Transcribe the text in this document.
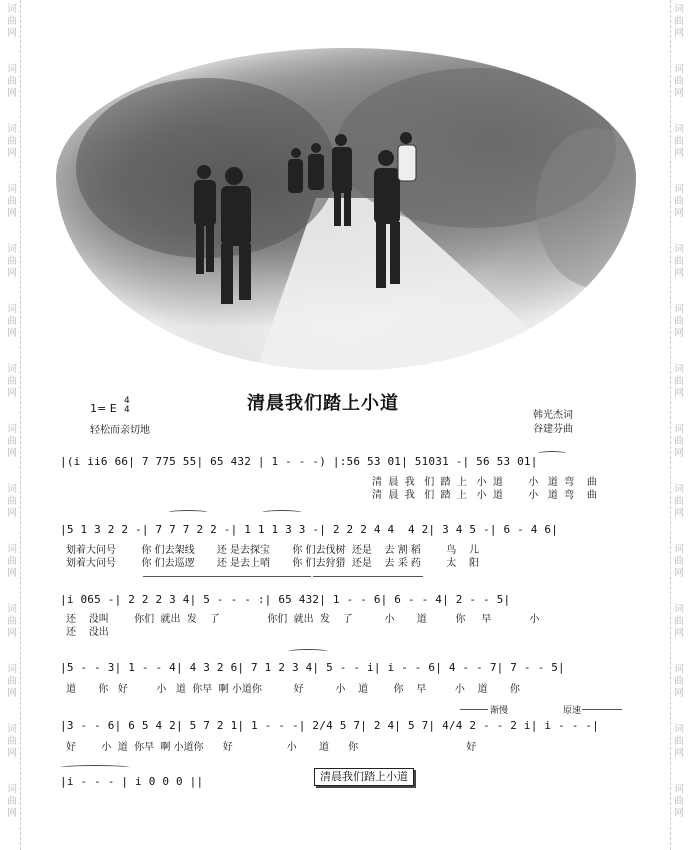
词
曲
网
词
曲
网
词
曲
网
词
曲
网
词
曲
网
词
曲
网
词
曲
网
词
曲
网
词
曲
网
词
曲
网
词
曲
网
词
曲
网
词
曲
网
词
曲
网
词
曲
网
词
曲
网
词
曲
网
词
曲
网
词
曲
网
词
曲
网
词
曲
网
词
曲
网
词
曲
网
词
曲
网
词
曲
网
词
曲
网
词
曲
网
词
曲
网
清晨我们踏上小道
1= E
4
4
轻松而亲切地
韩光杰词
谷建芬曲
|(i ii6 66| 7 775 55| 65 432 | 1 - - -) |:56 53 01| 51031 -| 56 53 01|
清  晨  我   们  踏  上   小  道        小   道  弯    曲
清  晨  我   们  踏  上   小  道        小   道  弯    曲
|5 1 3 2 2 -| 7 7 7 2 2 -| 1 1 1 3 3 -| 2 2 2 4 4  4 2| 3 4 5 -| 6 - 4 6|
划着大问号        你 们去架线       还 是去探宝       你 们去伐树  还是    去 割 稻        鸟    儿
划着大问号        你 们去巡逻       还 是去上哨       你 们去狩猎  还是    去 采 药        太    阳
|i 065 -| 2 2 2 3 4| 5 - - - :| 65 432| 1 - - 6| 6 - - 4| 2 - - 5|
还    没叫        你们  就出  发    了               你们  就出  发    了          小       道         你     早            小
还    没出
|5 - - 3| 1 - - 4| 4 3 2 6| 7 1 2 3 4| 5 - - i| i - - 6| 4 - - 7| 7 - - 5|
道       你   好         小   道  你早  啊 小道你          好          小    道        你    早         小    道       你
渐慢	原速
|3 - - 6| 6 5 4 2| 5 7 2 1| 1 - - -| 2/4 5 7| 2 4| 5 7| 4/4 2 - - 2 i| i - - -|
好        小  道  你早  啊 小道你      好                 小       道      你                                  好
|i - - - | i 0 0 0 ||	清晨我们踏上小道
